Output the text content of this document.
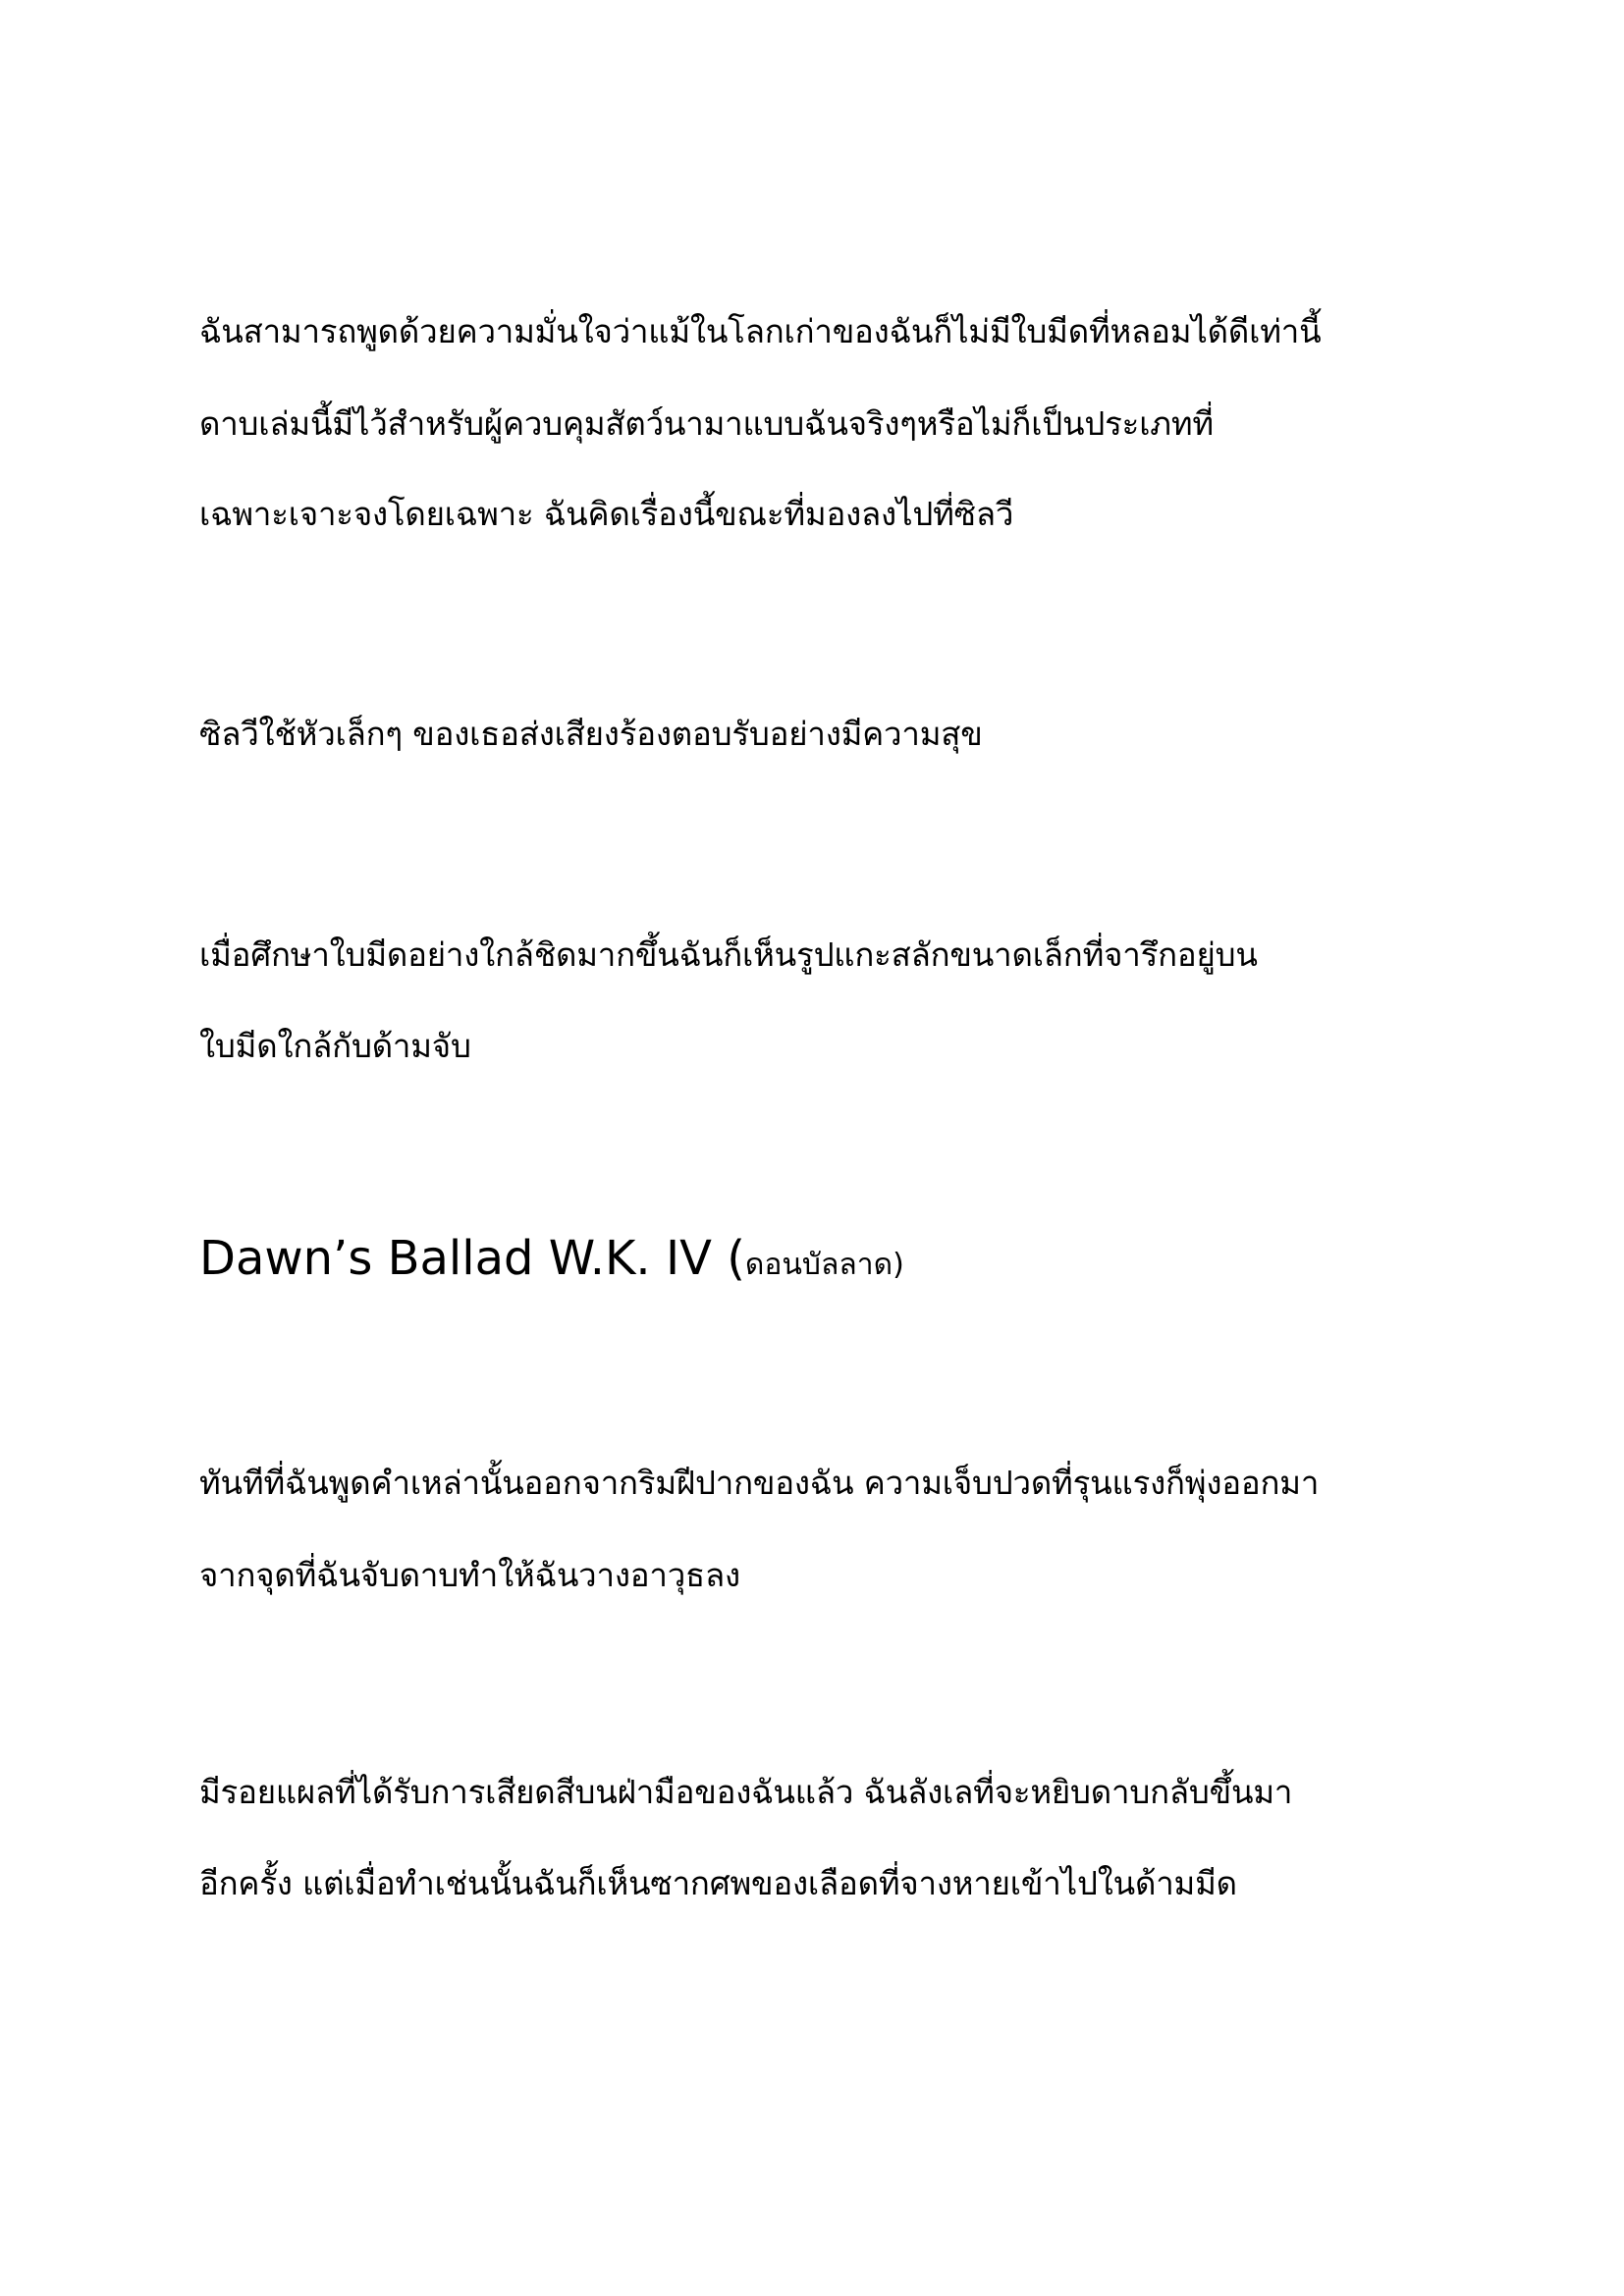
ฉันสามารถพูดด้วยความมั่นใจว่าแม้ในโลกเก่าของฉันก็ไม่มีใบมีดที่หลอมได้ดีเท่านี้
ดาบเล่มนี้มีไว้สำหรับผู้ควบคุมสัตว์นามาแบบฉันจริงๆหรือไม่ก็เป็นประเภทที่
เฉพาะเจาะจงโดยเฉพาะ ฉันคิดเรื่องนี้ขณะที่มองลงไปที่ซิลวี
ซิลวีใช้หัวเล็กๆ ของเธอส่งเสียงร้องตอบรับอย่างมีความสุข
เมื่อศึกษาใบมีดอย่างใกล้ชิดมากขึ้นฉันก็เห็นรูปแกะสลักขนาดเล็กที่จารึกอยู่บน
ใบมีดใกล้กับด้ามจับ
Dawn’s Ballad W.K. IV (ดอนบัลลาด)
ทันทีที่ฉันพูดคำเหล่านั้นออกจากริมฝีปากของฉัน ความเจ็บปวดที่รุนแรงก็พุ่งออกมา
จากจุดที่ฉันจับดาบทำให้ฉันวางอาวุธลง
มีรอยแผลที่ได้รับการเสียดสีบนฝ่ามือของฉันแล้ว ฉันลังเลที่จะหยิบดาบกลับขึ้นมา
อีกครั้ง แต่เมื่อทำเช่นนั้นฉันก็เห็นซากศพของเลือดที่จางหายเข้าไปในด้ามมีด
